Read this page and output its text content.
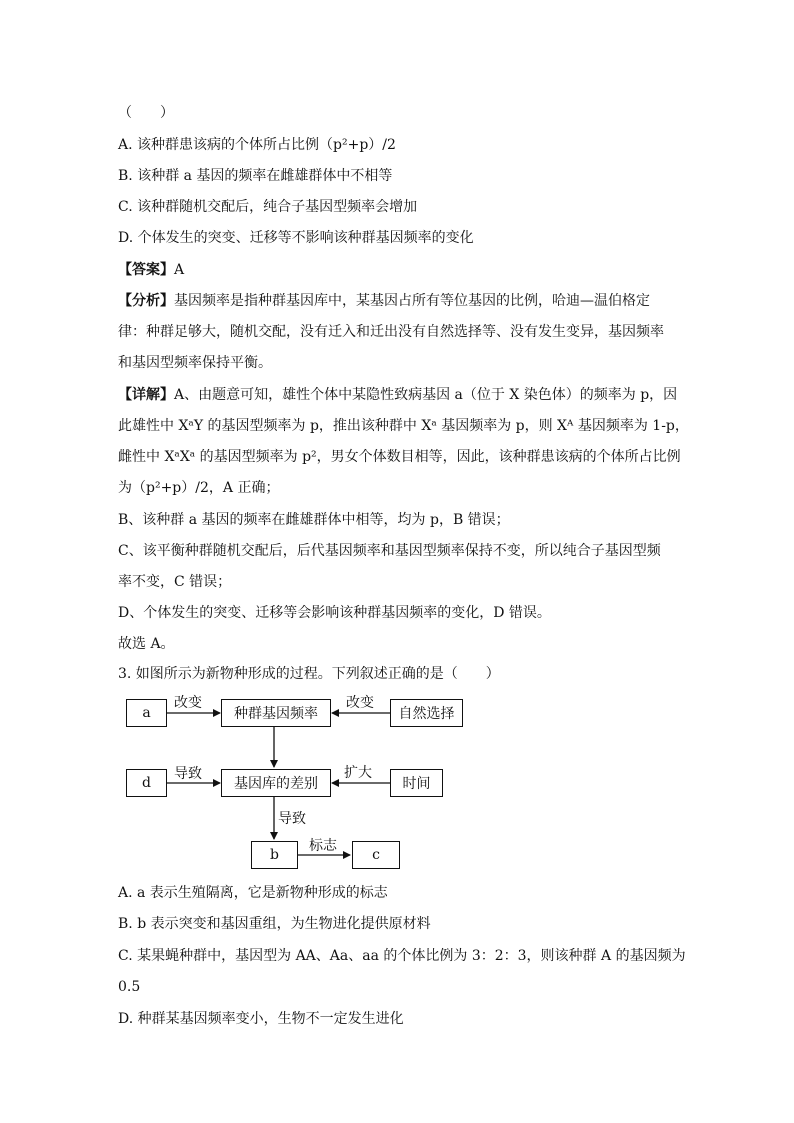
（　　）
A. 该种群患该病的个体所占比例（p²+p）/2
B. 该种群 a 基因的频率在雌雄群体中不相等
C. 该种群随机交配后，纯合子基因型频率会增加
D. 个体发生的突变、迁移等不影响该种群基因频率的变化
【答案】A
【分析】基因频率是指种群基因库中，某基因占所有等位基因的比例，哈迪—温伯格定
律：种群足够大，随机交配，没有迁入和迁出没有自然选择等、没有发生变异，基因频率
和基因型频率保持平衡。
【详解】A、由题意可知，雄性个体中某隐性致病基因 a（位于 X 染色体）的频率为 p，因
此雄性中 XᵃY 的基因型频率为 p，推出该种群中 Xᵃ 基因频率为 p，则 Xᴬ 基因频率为 1-p，
雌性中 XᵃXᵃ 的基因型频率为 p²，男女个体数目相等，因此，该种群患该病的个体所占比例
为（p²+p）/2，A 正确；
B、该种群 a 基因的频率在雌雄群体中相等，均为 p，B 错误；
C、该平衡种群随机交配后，后代基因频率和基因型频率保持不变，所以纯合子基因型频
率不变，C 错误；
D、个体发生的突变、迁移等会影响该种群基因频率的变化，D 错误。
故选 A。
3. 如图所示为新物种形成的过程。下列叙述正确的是（　　）
a	种群基因频率	自然选择
d	基因库的差别	时间
b	c
改变	改变
导致	扩大
导致
标志
A. a 表示生殖隔离，它是新物种形成的标志
B. b 表示突变和基因重组，为生物进化提供原材料
C. 某果蝇种群中，基因型为 AA、Aa、aa 的个体比例为 3：2：3，则该种群 A 的基因频为
0.5
D. 种群某基因频率变小，生物不一定发生进化
